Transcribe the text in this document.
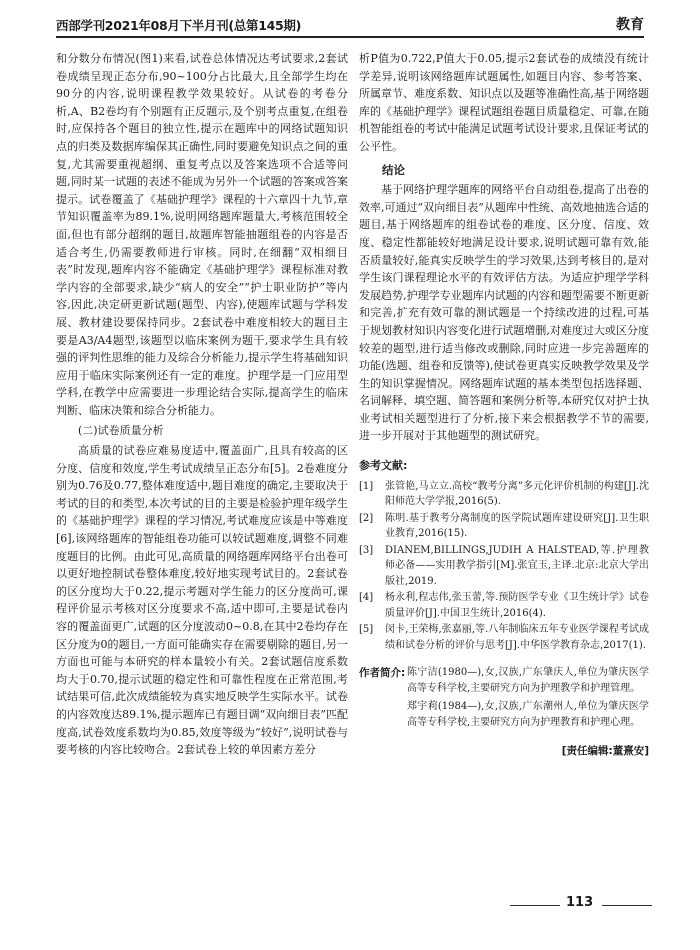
西部学刊2021年08月下半月刊(总第145期)	教育

和分数分布情况(图1)来看,试卷总体情况达考试要求,2套试卷成绩呈现正态分布,90~100分占比最大,且全部学生均在90分的内容,说明课程教学效果较好。从试卷的考卷分析,A、B2卷均有个别题有正反题示,及个别考点重复,在组卷时,应保持各个题目的独立性,提示在题库中的网络试题知识点的归类及数据库编保其正确性,同时要避免知识点之间的重复,尤其需要重视超纲、重复考点以及答案选项不合适等问题,同时某一试题的表述不能成为另外一个试题的答案或答案提示。试卷覆盖了《基础护理学》课程的十六章四十九节,章节知识覆盖率为89.1%,说明网络题库题量大,考核范围较全面,但也有部分超纲的题目,故题库智能抽题组卷的内容是否适合考生,仍需要教师进行审核。同时,在细翻“双相细目表”时发现,题库内容不能确定《基础护理学》课程标准对教学内容的全部要求,缺少“病人的安全”“护士职业防护”等内容,因此,决定研更新试题(题型、内容),使题库试题与学科发展、教材建设要保持同步。2套试卷中难度相较大的题目主要是A3/A4题型,该题型以临床案例为题干,要求学生具有较强的评判性思维的能力及综合分析能力,提示学生将基础知识应用于临床实际案例还有一定的难度。护理学是一门应用型学科,在教学中应需要进一步理论结合实际,提高学生的临床判断、临床决策和综合分析能力。

(二)试卷质量分析

高质量的试卷应难易度适中,覆盖面广,且具有较高的区分度、信度和效度,学生考试成绩呈正态分布[5]。2卷难度分别为0.76及0.77,整体难度适中,题目难度的确定,主要取决于考试的目的和类型,本次考试的目的主要是检验护理年级学生的《基础护理学》课程的学习情况,考试难度应该是中等难度[6],该网络题库的智能组卷功能可以较试题难度,调整不同难度题目的比例。由此可见,高质量的网络题库网络平台出卷可以更好地控制试卷整体难度,较好地实现考试目的。2套试卷的区分度均大于0.22,提示考题对学生能力的区分度尚可,课程评价显示考核对区分度要求不高,适中即可,主要是试卷内容的覆盖面更广,试题的区分度波动0~0.8,在其中2卷均存在区分度为0的题目,一方面可能确实存在需要剔除的题目,另一方面也可能与本研究的样本量较小有关。2套试题信度系数均大于0.70,提示试题的稳定性和可靠性程度在正常范围,考试结果可信,此次成绩能较为真实地反映学生实际水平。试卷的内容效度达89.1%,提示题库已有题目调“双向细目表”匹配度高,试卷效度系数均为0.85,效度等级为“较好”,说明试卷与要考核的内容比较吻合。2套试卷上较的单因素方差分

析P值为0.722,P值大于0.05,提示2套试卷的成绩没有统计学差异,说明该网络题库试题属性,如题目内容、参考答案、所属章节、难度系数、知识点以及题等准确性高,基于网络题库的《基础护理学》课程试题组卷题目质量稳定、可靠,在随机智能组卷的考试中能满足试题考试设计要求,且保证考试的公平性。

结论

基于网络护理学题库的网络平台自动组卷,提高了出卷的效率,可通过“双向细目表”从题库中性统、高效地抽选合适的题目,基于网络题库的组卷试卷的难度、区分度、信度、效度、稳定性都能较好地满足设计要求,说明试题可靠有效,能否质量较好,能真实反映学生的学习效果,达到考核目的,是对学生该门课程理论水平的有效评估方法。为适应护理学学科发展趋势,护理学专业题库内试题的内容和题型需要不断更新和完善,扩充有效可靠的测试题是一个持续改进的过程,可基于规划教材知识内容变化进行试题增删,对难度过大或区分度较差的题型,进行适当修改或删除,同时应进一步完善题库的功能(选题、组卷和反馈等),使试卷更真实反映教学效果及学生的知识掌握情况。网络题库试题的基本类型包括选择题、名词解释、填空题、简答题和案例分析等,本研究仅对护士执业考试相关题型进行了分析,接下来会根据教学不节的需要,进一步开展对于其他题型的测试研究。

参考文献:
[1]	张管艳,马立立.高校“教考分离”多元化评价机制的构建[J].沈阳师范大学学报,2016(5).
[2]	陈明.基于教考分离制度的医学院试题库建设研究[J].卫生职业教育,2016(15).
[3]	DIANEM,BILLINGS,JUDIH A HALSTEAD,等.护理教师必备——实用教学指引[M].张宜玉,主译.北京:北京大学出版社,2019.
[4]	杨永利,程志伟,张玉蕾,等.预防医学专业《卫生统计学》试卷质量评价[J].中国卫生统计,2016(4).
[5]	闵卡,王荣梅,张嘉丽,等.八年制临床五年专业医学课程考试成绩和试卷分析的评价与思考[J].中华医学教育杂志,2017(1).
作者简介: 陈宁洁(1980—),女,汉族,广东肇庆人,单位为肇庆医学高等专科学校,主要研究方向为护理教学和护理管理。
郑宇莉(1984—),女,汉族,广东潮州人,单位为肇庆医学高等专科学校,主要研究方向为护理教育和护理心理。
[责任编辑:董熹安]
113
